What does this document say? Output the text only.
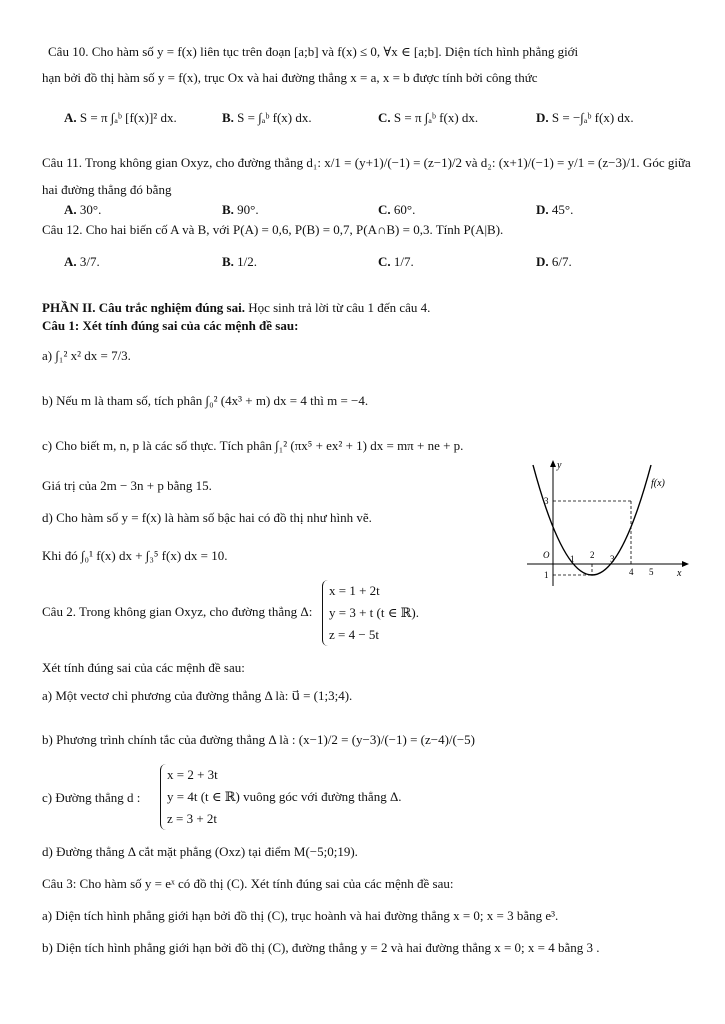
Câu 10. Cho hàm số y = f(x) liên tục trên đoạn [a;b] và f(x) ≤ 0, ∀x ∈ [a;b]. Diện tích hình phẳng giới
hạn bởi đồ thị hàm số y = f(x), trục Ox và hai đường thẳng x = a, x = b được tính bởi công thức
A. S = π ∫ₐᵇ [f(x)]² dx.	B. S = ∫ₐᵇ f(x) dx.	C. S = π ∫ₐᵇ f(x) dx.	D. S = −∫ₐᵇ f(x) dx.
Câu 11. Trong không gian Oxyz, cho đường thẳng d₁: x/1 = (y+1)/(−1) = (z−1)/2 và d₂: (x+1)/(−1) = y/1 = (z−3)/1. Góc giữa
hai đường thẳng đó bằng
A. 30°.	B. 90°.	C. 60°.	D. 45°.
Câu 12. Cho hai biến cố A và B, với P(A) = 0,6, P(B) = 0,7, P(A∩B) = 0,3. Tính P(A|B).
A. 3/7.	B. 1/2.	C. 1/7.	D. 6/7.
PHẦN II. Câu trắc nghiệm đúng sai. Học sinh trả lời từ câu 1 đến câu 4.
Câu 1: Xét tính đúng sai của các mệnh đề sau:
a) ∫₁² x² dx = 7/3.
b) Nếu m là tham số, tích phân ∫₀² (4x³ + m) dx = 4 thì m = −4.
c) Cho biết m, n, p là các số thực. Tích phân ∫₁² (πx⁵ + ex² + 1) dx = mπ + ne + p.
Giá trị của 2m − 3n + p bằng 15.
d) Cho hàm số y = f(x) là hàm số bậc hai có đồ thị như hình vẽ.
Khi đó ∫₀¹ f(x) dx + ∫₃⁵ f(x) dx = 10.
y
f(x)
3
1
O 1 2 3
4 5 x
Câu 2. Trong không gian Oxyz, cho đường thẳng Δ:
x = 1 + 2t
y = 3 + t (t ∈ ℝ).
z = 4 − 5t
Xét tính đúng sai của các mệnh đề sau:
a) Một vectơ chỉ phương của đường thẳng Δ là: u⃗ = (1;3;4).
b) Phương trình chính tắc của đường thẳng Δ là : (x−1)/2 = (y−3)/(−1) = (z−4)/(−5)
c) Đường thẳng d :
x = 2 + 3t
y = 4t (t ∈ ℝ) vuông góc với đường thẳng Δ.
z = 3 + 2t
d) Đường thẳng Δ cắt mặt phẳng (Oxz) tại điểm M(−5;0;19).
Câu 3: Cho hàm số y = eˣ có đồ thị (C). Xét tính đúng sai của các mệnh đề sau:
a) Diện tích hình phẳng giới hạn bởi đồ thị (C), trục hoành và hai đường thẳng x = 0; x = 3 bằng e³.
b) Diện tích hình phẳng giới hạn bởi đồ thị (C), đường thẳng y = 2 và hai đường thẳng x = 0; x = 4 bằng 3 .
